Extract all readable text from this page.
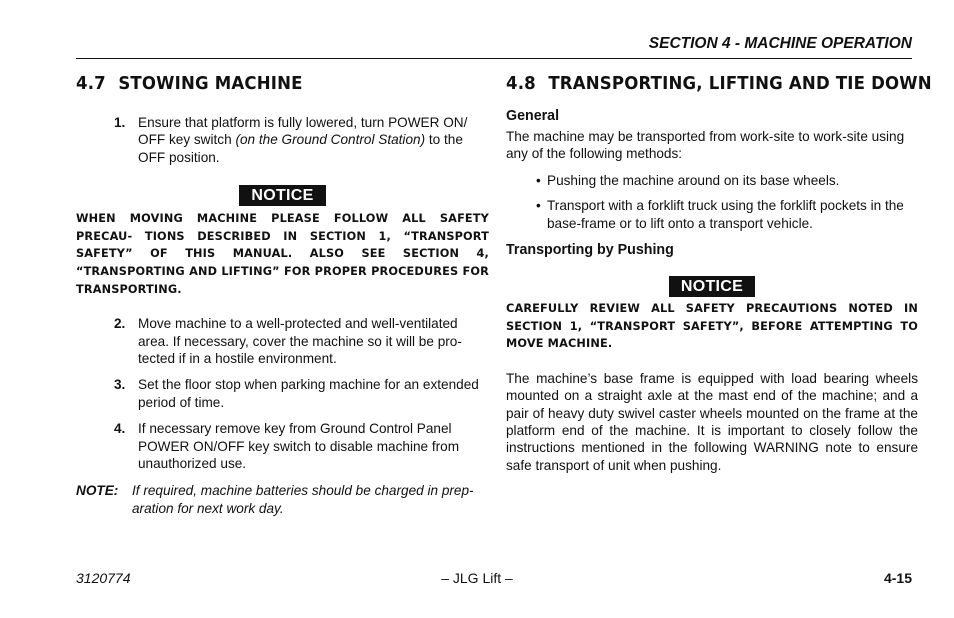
SECTION 4 - MACHINE OPERATION
4.7 STOWING MACHINE
1. Ensure that platform is fully lowered, turn POWER ON/ OFF key switch (on the Ground Control Station) to the OFF position.
NOTICE
WHEN MOVING MACHINE PLEASE FOLLOW ALL SAFETY PRECAU- TIONS DESCRIBED IN SECTION 1, “TRANSPORT SAFETY” OF THIS MANUAL. ALSO SEE SECTION 4, “TRANSPORTING AND LIFTING” FOR PROPER PROCEDURES FOR TRANSPORTING.
2. Move machine to a well-protected and well-ventilated area. If necessary, cover the machine so it will be pro- tected if in a hostile environment.
3. Set the floor stop when parking machine for an extended period of time.
4. If necessary remove key from Ground Control Panel POWER ON/OFF key switch to disable machine from unauthorized use.
NOTE: If required, machine batteries should be charged in prep- aration for next work day.
4.8 TRANSPORTING, LIFTING AND TIE DOWN
General
The machine may be transported from work-site to work-site using any of the following methods:
• Pushing the machine around on its base wheels.
• Transport with a forklift truck using the forklift pockets in the base-frame or to lift onto a transport vehicle.
Transporting by Pushing
NOTICE
CAREFULLY REVIEW ALL SAFETY PRECAUTIONS NOTED IN SECTION 1, “TRANSPORT SAFETY”, BEFORE ATTEMPTING TO MOVE MACHINE.
The machine’s base frame is equipped with load bearing wheels mounted on a straight axle at the mast end of the machine; and a pair of heavy duty swivel caster wheels mounted on the frame at the platform end of the machine. It is important to closely follow the instructions mentioned in the following WARNING note to ensure safe transport of unit when pushing.
– JLG Lift –
3120774	4-15
